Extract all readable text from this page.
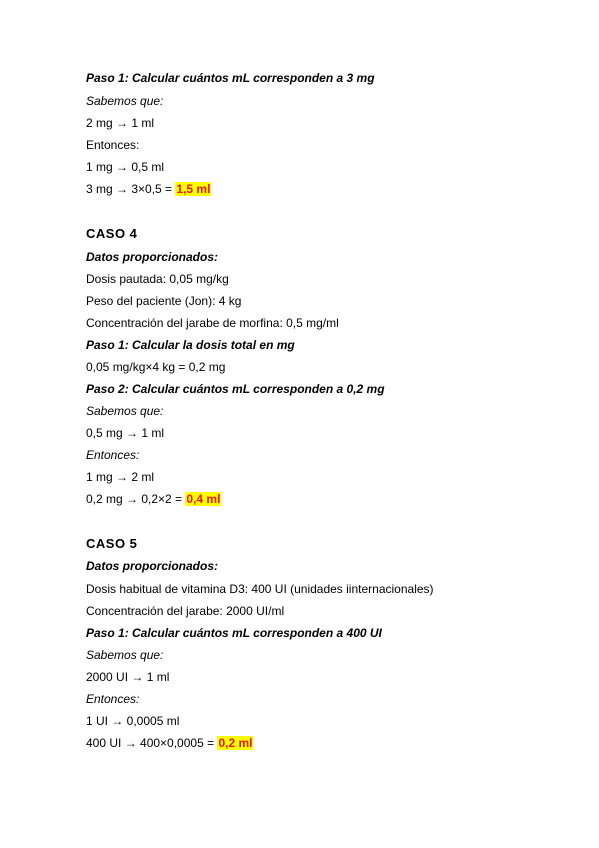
Paso 1: Calcular cuántos mL corresponden a 3 mg
Sabemos que:
2 mg → 1 ml
Entonces:
1 mg → 0,5 ml
3 mg → 3×0,5 = 1,5 ml
CASO 4
Datos proporcionados:
Dosis pautada: 0,05 mg/kg
Peso del paciente (Jon): 4 kg
Concentración del jarabe de morfina: 0,5 mg/ml
Paso 1: Calcular la dosis total en mg
0,05 mg/kg×4 kg = 0,2 mg
Paso 2: Calcular cuántos mL corresponden a 0,2 mg
Sabemos que:
0,5 mg → 1 ml
Entonces:
1 mg → 2 ml
0,2 mg → 0,2×2 = 0,4 ml
CASO 5
Datos proporcionados:
Dosis habitual de vitamina D3: 400 UI (unidades iinternacionales)
Concentración del jarabe: 2000 UI/ml
Paso 1: Calcular cuántos mL corresponden a 400 UI
Sabemos que:
2000 UI → 1 ml
Entonces:
1 UI → 0,0005 ml
400 UI → 400×0,0005 = 0,2 ml
